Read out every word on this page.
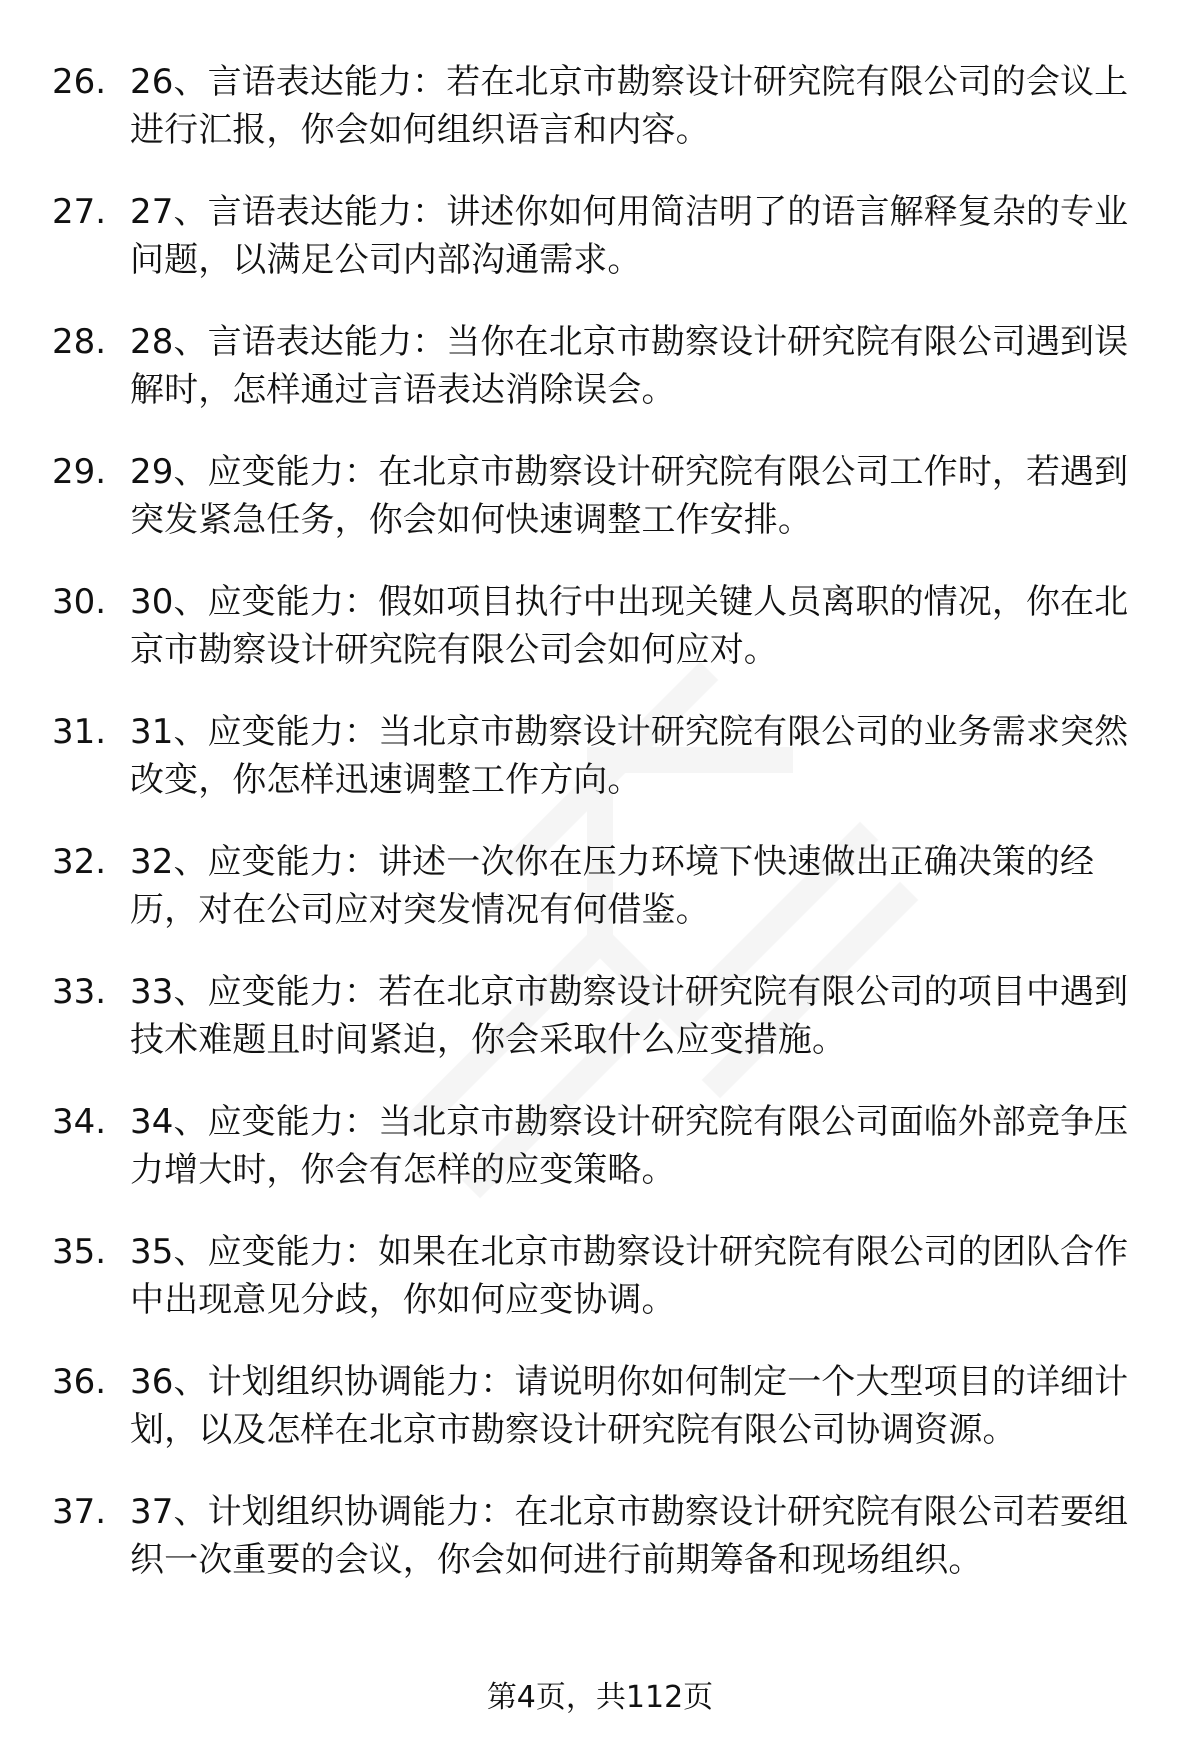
26. 26、言语表达能力：若在北京市勘察设计研究院有限公司的会议上进行汇报，你会如何组织语言和内容。
27. 27、言语表达能力：讲述你如何用简洁明了的语言解释复杂的专业问题，以满足公司内部沟通需求。
28. 28、言语表达能力：当你在北京市勘察设计研究院有限公司遇到误解时，怎样通过言语表达消除误会。
29. 29、应变能力：在北京市勘察设计研究院有限公司工作时，若遇到突发紧急任务，你会如何快速调整工作安排。
30. 30、应变能力：假如项目执行中出现关键人员离职的情况，你在北京市勘察设计研究院有限公司会如何应对。
31. 31、应变能力：当北京市勘察设计研究院有限公司的业务需求突然改变，你怎样迅速调整工作方向。
32. 32、应变能力：讲述一次你在压力环境下快速做出正确决策的经历，对在公司应对突发情况有何借鉴。
33. 33、应变能力：若在北京市勘察设计研究院有限公司的项目中遇到技术难题且时间紧迫，你会采取什么应变措施。
34. 34、应变能力：当北京市勘察设计研究院有限公司面临外部竞争压力增大时，你会有怎样的应变策略。
35. 35、应变能力：如果在北京市勘察设计研究院有限公司的团队合作中出现意见分歧，你如何应变协调。
36. 36、计划组织协调能力：请说明你如何制定一个大型项目的详细计划，以及怎样在北京市勘察设计研究院有限公司协调资源。
37. 37、计划组织协调能力：在北京市勘察设计研究院有限公司若要组织一次重要的会议，你会如何进行前期筹备和现场组织。
第4页，共112页
